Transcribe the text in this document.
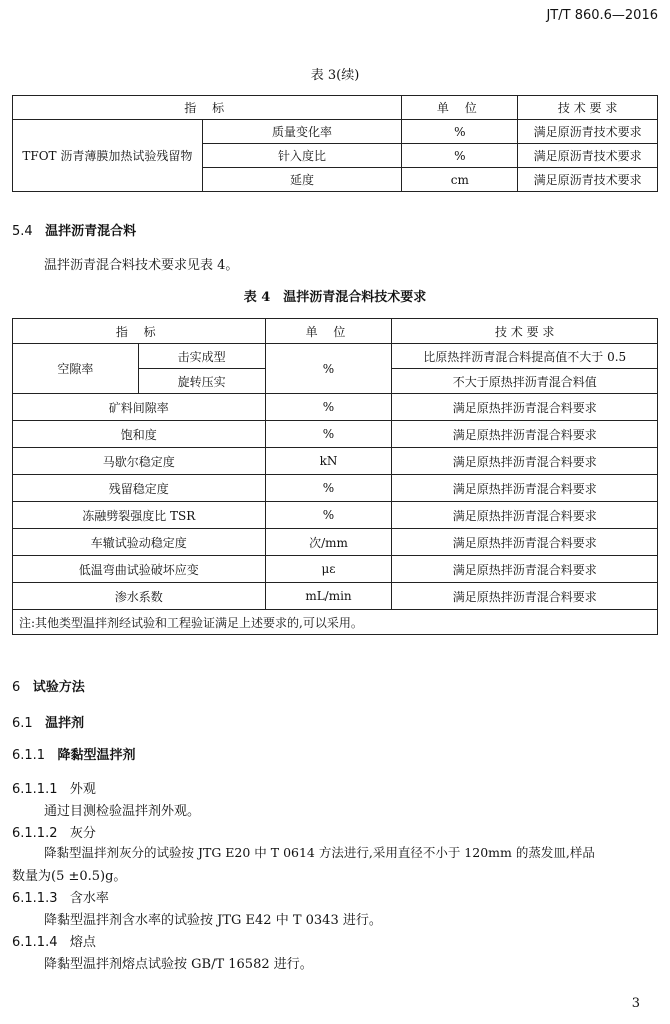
JT/T 860.6—2016
表 3(续)
指 标		单 位	技 术 要 求
TFOT 沥青薄膜加热试验残留物	质量变化率	%	满足原沥青技术要求
	针入度比	%	满足原沥青技术要求
	延度	cm	满足原沥青技术要求
5.4 温拌沥青混合料
温拌沥青混合料技术要求见表 4。
表 4　温拌沥青混合料技术要求
指 标		单 位	技 术 要 求
空隙率	击实成型	%	比原热拌沥青混合料提高值不大于 0.5
	旋转压实		不大于原热拌沥青混合料值
矿料间隙率		%	满足原热拌沥青混合料要求
饱和度		%	满足原热拌沥青混合料要求
马歇尔稳定度		kN	满足原热拌沥青混合料要求
残留稳定度		%	满足原热拌沥青混合料要求
冻融劈裂强度比 TSR		%	满足原热拌沥青混合料要求
车辙试验动稳定度		次/mm	满足原热拌沥青混合料要求
低温弯曲试验破坏应变		με	满足原热拌沥青混合料要求
渗水系数		mL/min	满足原热拌沥青混合料要求
注:其他类型温拌剂经试验和工程验证满足上述要求的,可以采用。			
6 试验方法
6.1 温拌剂
6.1.1 降黏型温拌剂
6.1.1.1 外观
通过目测检验温拌剂外观。
6.1.1.2 灰分
降黏型温拌剂灰分的试验按 JTG E20 中 T 0614 方法进行,采用直径不小于 120mm 的蒸发皿,样品
数量为(5 ±0.5)g。
6.1.1.3 含水率
降黏型温拌剂含水率的试验按 JTG E42 中 T 0343 进行。
6.1.1.4 熔点
降黏型温拌剂熔点试验按 GB/T 16582 进行。
3
